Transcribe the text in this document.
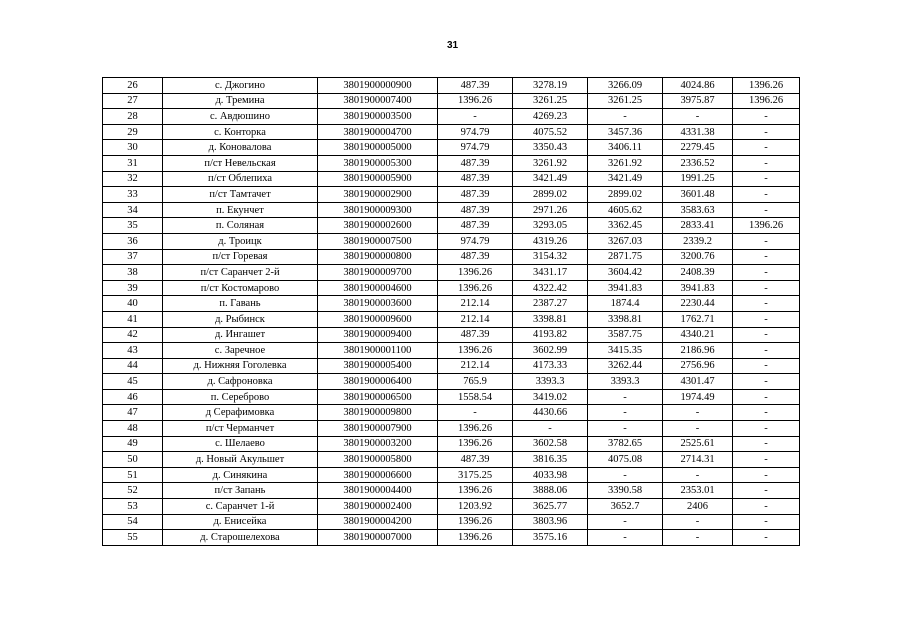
31
26	с. Джогино	3801900000900	487.39	3278.19	3266.09	4024.86	1396.26
27	д. Тремина	3801900007400	1396.26	3261.25	3261.25	3975.87	1396.26
28	с. Авдюшино	3801900003500	-	4269.23	-	-	-
29	с. Конторка	3801900004700	974.79	4075.52	3457.36	4331.38	-
30	д. Коновалова	3801900005000	974.79	3350.43	3406.11	2279.45	-
31	п/ст Невельская	3801900005300	487.39	3261.92	3261.92	2336.52	-
32	п/ст Облепиха	3801900005900	487.39	3421.49	3421.49	1991.25	-
33	п/ст Тамтачет	3801900002900	487.39	2899.02	2899.02	3601.48	-
34	п. Екунчет	3801900009300	487.39	2971.26	4605.62	3583.63	-
35	п. Соляная	3801900002600	487.39	3293.05	3362.45	2833.41	1396.26
36	д. Троицк	3801900007500	974.79	4319.26	3267.03	2339.2	-
37	п/ст Горевая	3801900000800	487.39	3154.32	2871.75	3200.76	-
38	п/ст Саранчет 2-й	3801900009700	1396.26	3431.17	3604.42	2408.39	-
39	п/ст Костомарово	3801900004600	1396.26	4322.42	3941.83	3941.83	-
40	п. Гавань	3801900003600	212.14	2387.27	1874.4	2230.44	-
41	д. Рыбинск	3801900009600	212.14	3398.81	3398.81	1762.71	-
42	д. Ингашет	3801900009400	487.39	4193.82	3587.75	4340.21	-
43	с. Заречное	3801900001100	1396.26	3602.99	3415.35	2186.96	-
44	д. Нижняя Гоголевка	3801900005400	212.14	4173.33	3262.44	2756.96	-
45	д. Сафроновка	3801900006400	765.9	3393.3	3393.3	4301.47	-
46	п. Сереброво	3801900006500	1558.54	3419.02	-	1974.49	-
47	д Серафимовка	3801900009800	-	4430.66	-	-	-
48	п/ст Черманчет	3801900007900	1396.26	-	-	-	-
49	с. Шелаево	3801900003200	1396.26	3602.58	3782.65	2525.61	-
50	д. Новый Акульшет	3801900005800	487.39	3816.35	4075.08	2714.31	-
51	д. Синякина	3801900006600	3175.25	4033.98	-	-	-
52	п/ст Запань	3801900004400	1396.26	3888.06	3390.58	2353.01	-
53	с. Саранчет 1-й	3801900002400	1203.92	3625.77	3652.7	2406	-
54	д. Енисейка	3801900004200	1396.26	3803.96	-	-	-
55	д. Старошелехова	3801900007000	1396.26	3575.16	-	-	-
